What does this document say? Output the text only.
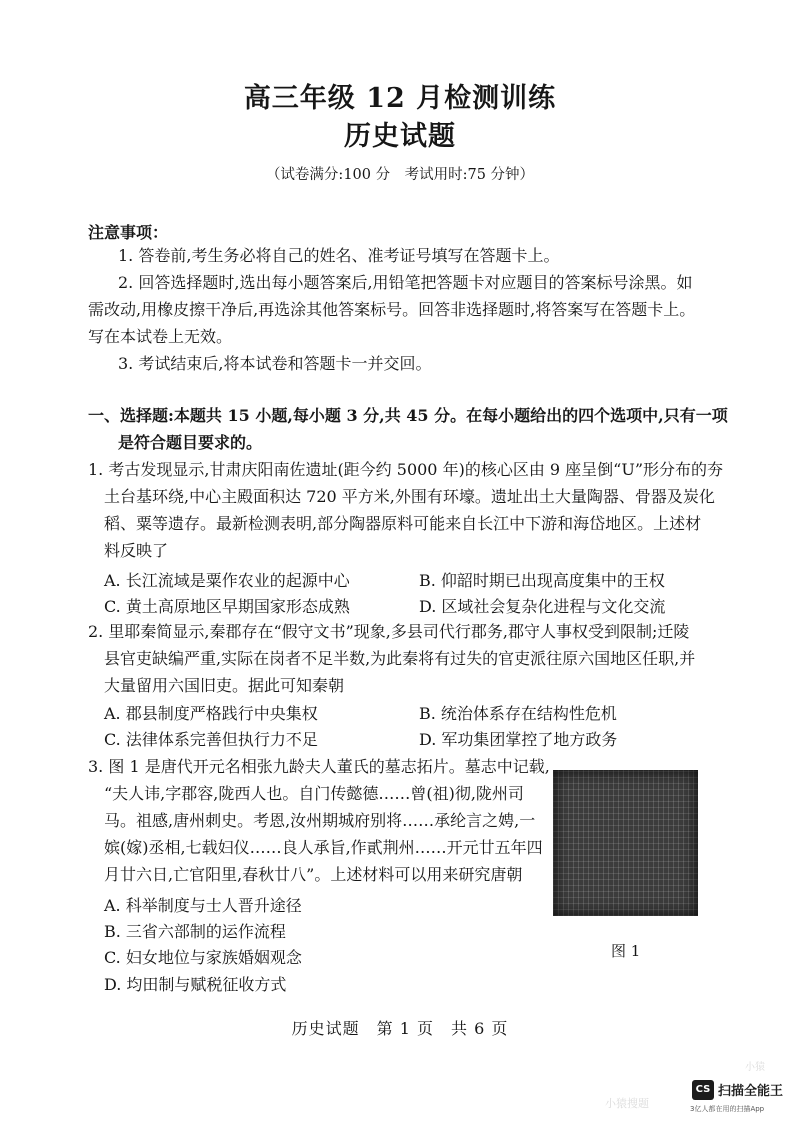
高三年级 12 月检测训练
历史试题
（试卷满分:100 分　考试用时:75 分钟）
注意事项：
1. 答卷前,考生务必将自己的姓名、准考证号填写在答题卡上。
2. 回答选择题时,选出每小题答案后,用铅笔把答题卡对应题目的答案标号涂黑。如
需改动,用橡皮擦干净后,再选涂其他答案标号。回答非选择题时,将答案写在答题卡上。
写在本试卷上无效。
3. 考试结束后,将本试卷和答题卡一并交回。
一、选择题:本题共 15 小题,每小题 3 分,共 45 分。在每小题给出的四个选项中,只有一项
是符合题目要求的。
1. 考古发现显示,甘肃庆阳南佐遗址(距今约 5000 年)的核心区由 9 座呈倒“U”形分布的夯
土台基环绕,中心主殿面积达 720 平方米,外围有环壕。遗址出土大量陶器、骨器及炭化
稻、粟等遗存。最新检测表明,部分陶器原料可能来自长江中下游和海岱地区。上述材
料反映了
A. 长江流域是粟作农业的起源中心	B. 仰韶时期已出现高度集中的王权
C. 黄土高原地区早期国家形态成熟	D. 区域社会复杂化进程与文化交流
2. 里耶秦简显示,秦郡存在“假守文书”现象,多县司代行郡务,郡守人事权受到限制;迁陵
县官吏缺编严重,实际在岗者不足半数,为此秦将有过失的官吏派往原六国地区任职,并
大量留用六国旧吏。据此可知秦朝
A. 郡县制度严格践行中央集权	B. 统治体系存在结构性危机
C. 法律体系完善但执行力不足	D. 军功集团掌控了地方政务
3. 图 1 是唐代开元名相张九龄夫人董氏的墓志拓片。墓志中记载,
“夫人讳,字郡容,陇西人也。自门传懿德……曾(祖)彻,陇州司
马。祖感,唐州刺史。考恩,汝州期城府别将……承纶言之娉,一
嫔(嫁)丞相,七载妇仪……良人承旨,作貳荆州……开元廿五年四
月廿六日,亡官阳里,春秋廿八”。上述材料可以用来研究唐朝
A. 科举制度与士人晋升途径
B. 三省六部制的运作流程
C. 妇女地位与家族婚姻观念
D. 均田制与赋税征收方式
图 1
历史试题　第 1 页　共 6 页
小猿
小猿搜题
CS 扫描全能王
3亿人都在用的扫描App
